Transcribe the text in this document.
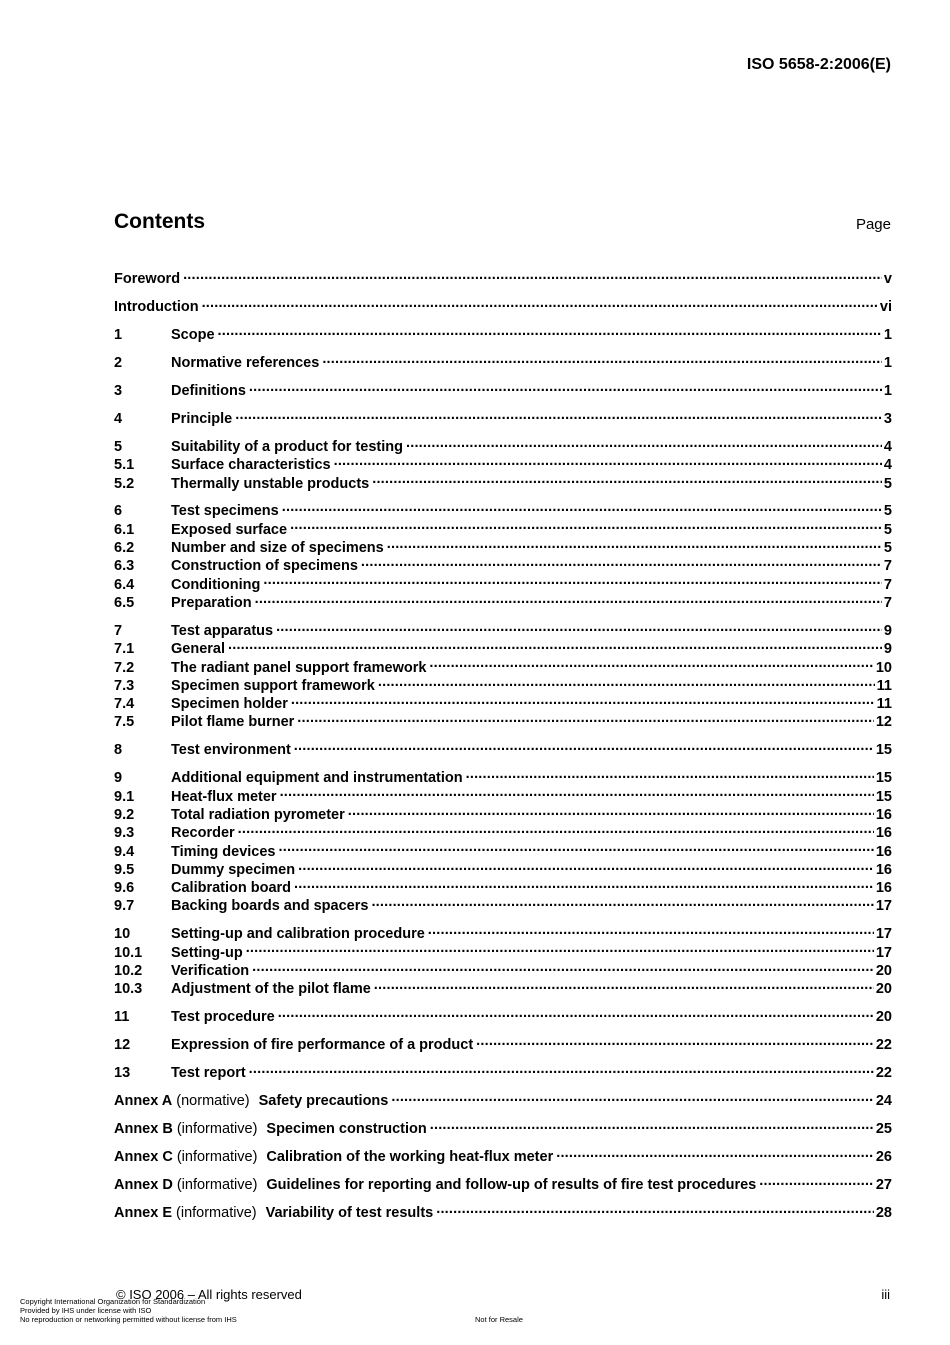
ISO 5658-2:2006(E)
Contents	Page
Foreword .....	v
Introduction .....	vi
1	Scope .....	1
2	Normative references .....	1
3	Definitions .....	1
4	Principle .....	3
5	Suitability of a product for testing .....	4
5.1	Surface characteristics .....	4
5.2	Thermally unstable products .....	5
6	Test specimens .....	5
6.1	Exposed surface .....	5
6.2	Number and size of specimens .....	5
6.3	Construction of specimens .....	7
6.4	Conditioning .....	7
6.5	Preparation .....	7
7	Test apparatus .....	9
7.1	General .....	9
7.2	The radiant panel support framework .....	10
7.3	Specimen support framework .....	11
7.4	Specimen holder .....	11
7.5	Pilot flame burner .....	12
8	Test environment .....	15
9	Additional equipment and instrumentation .....	15
9.1	Heat-flux meter .....	15
9.2	Total radiation pyrometer .....	16
9.3	Recorder .....	16
9.4	Timing devices .....	16
9.5	Dummy specimen .....	16
9.6	Calibration board .....	16
9.7	Backing boards and spacers .....	17
10	Setting-up and calibration procedure .....	17
10.1	Setting-up .....	17
10.2	Verification .....	20
10.3	Adjustment of the pilot flame .....	20
11	Test procedure .....	20
12	Expression of fire performance of a product .....	22
13	Test report .....	22
Annex A (normative) Safety precautions .....	24
Annex B (informative) Specimen construction .....	25
Annex C (informative) Calibration of the working heat-flux meter .....	26
Annex D (informative) Guidelines for reporting and follow-up of results of fire test procedures .....	27
Annex E (informative) Variability of test results .....	28
© ISO 2006 – All rights reserved	iii
Copyright International Organization for Standardization
Provided by IHS under license with ISO
No reproduction or networking permitted without license from IHS	Not for Resale
